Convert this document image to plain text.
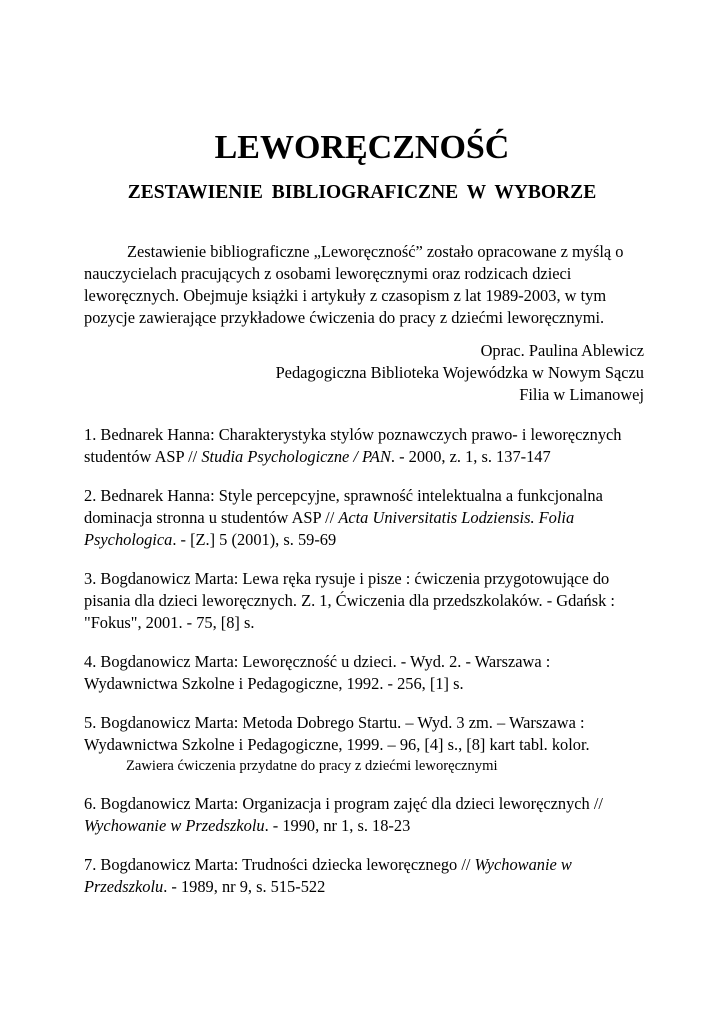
LEWORĘCZNOŚĆ
ZESTAWIENIE BIBLIOGRAFICZNE W WYBORZE

Zestawienie bibliograficzne „Leworęczność” zostało opracowane z myślą o nauczycielach pracujących z osobami leworęcznymi oraz rodzicach dzieci leworęcznych. Obejmuje książki i artykuły z czasopism z lat 1989-2003, w tym pozycje zawierające przykładowe ćwiczenia do pracy z dziećmi leworęcznymi.

Oprac. Paulina Ablewicz
Pedagogiczna Biblioteka Wojewódzka w Nowym Sączu
Filia w Limanowej

1. Bednarek Hanna: Charakterystyka stylów poznawczych prawo- i leworęcznych studentów ASP // Studia Psychologiczne / PAN. - 2000, z. 1, s. 137-147

2. Bednarek Hanna: Style percepcyjne, sprawność intelektualna a funkcjonalna dominacja stronna u studentów ASP // Acta Universitatis Lodziensis. Folia Psychologica. - [Z.] 5 (2001), s. 59-69

3. Bogdanowicz Marta: Lewa ręka rysuje i pisze : ćwiczenia przygotowujące do pisania dla dzieci leworęcznych. Z. 1, Ćwiczenia dla przedszkolaków. - Gdańsk : "Fokus", 2001. - 75, [8] s.

4. Bogdanowicz Marta: Leworęczność u dzieci. - Wyd. 2. - Warszawa : Wydawnictwa Szkolne i Pedagogiczne, 1992. - 256, [1] s.

5. Bogdanowicz Marta: Metoda Dobrego Startu. – Wyd. 3 zm. – Warszawa : Wydawnictwa Szkolne i Pedagogiczne, 1999. – 96, [4] s., [8] kart tabl. kolor.

Zawiera ćwiczenia przydatne do pracy z dziećmi leworęcznymi

6. Bogdanowicz Marta: Organizacja i program zajęć dla dzieci leworęcznych // Wychowanie w Przedszkolu. - 1990, nr 1, s. 18-23

7. Bogdanowicz Marta: Trudności dziecka leworęcznego // Wychowanie w Przedszkolu. - 1989, nr 9, s. 515-522
